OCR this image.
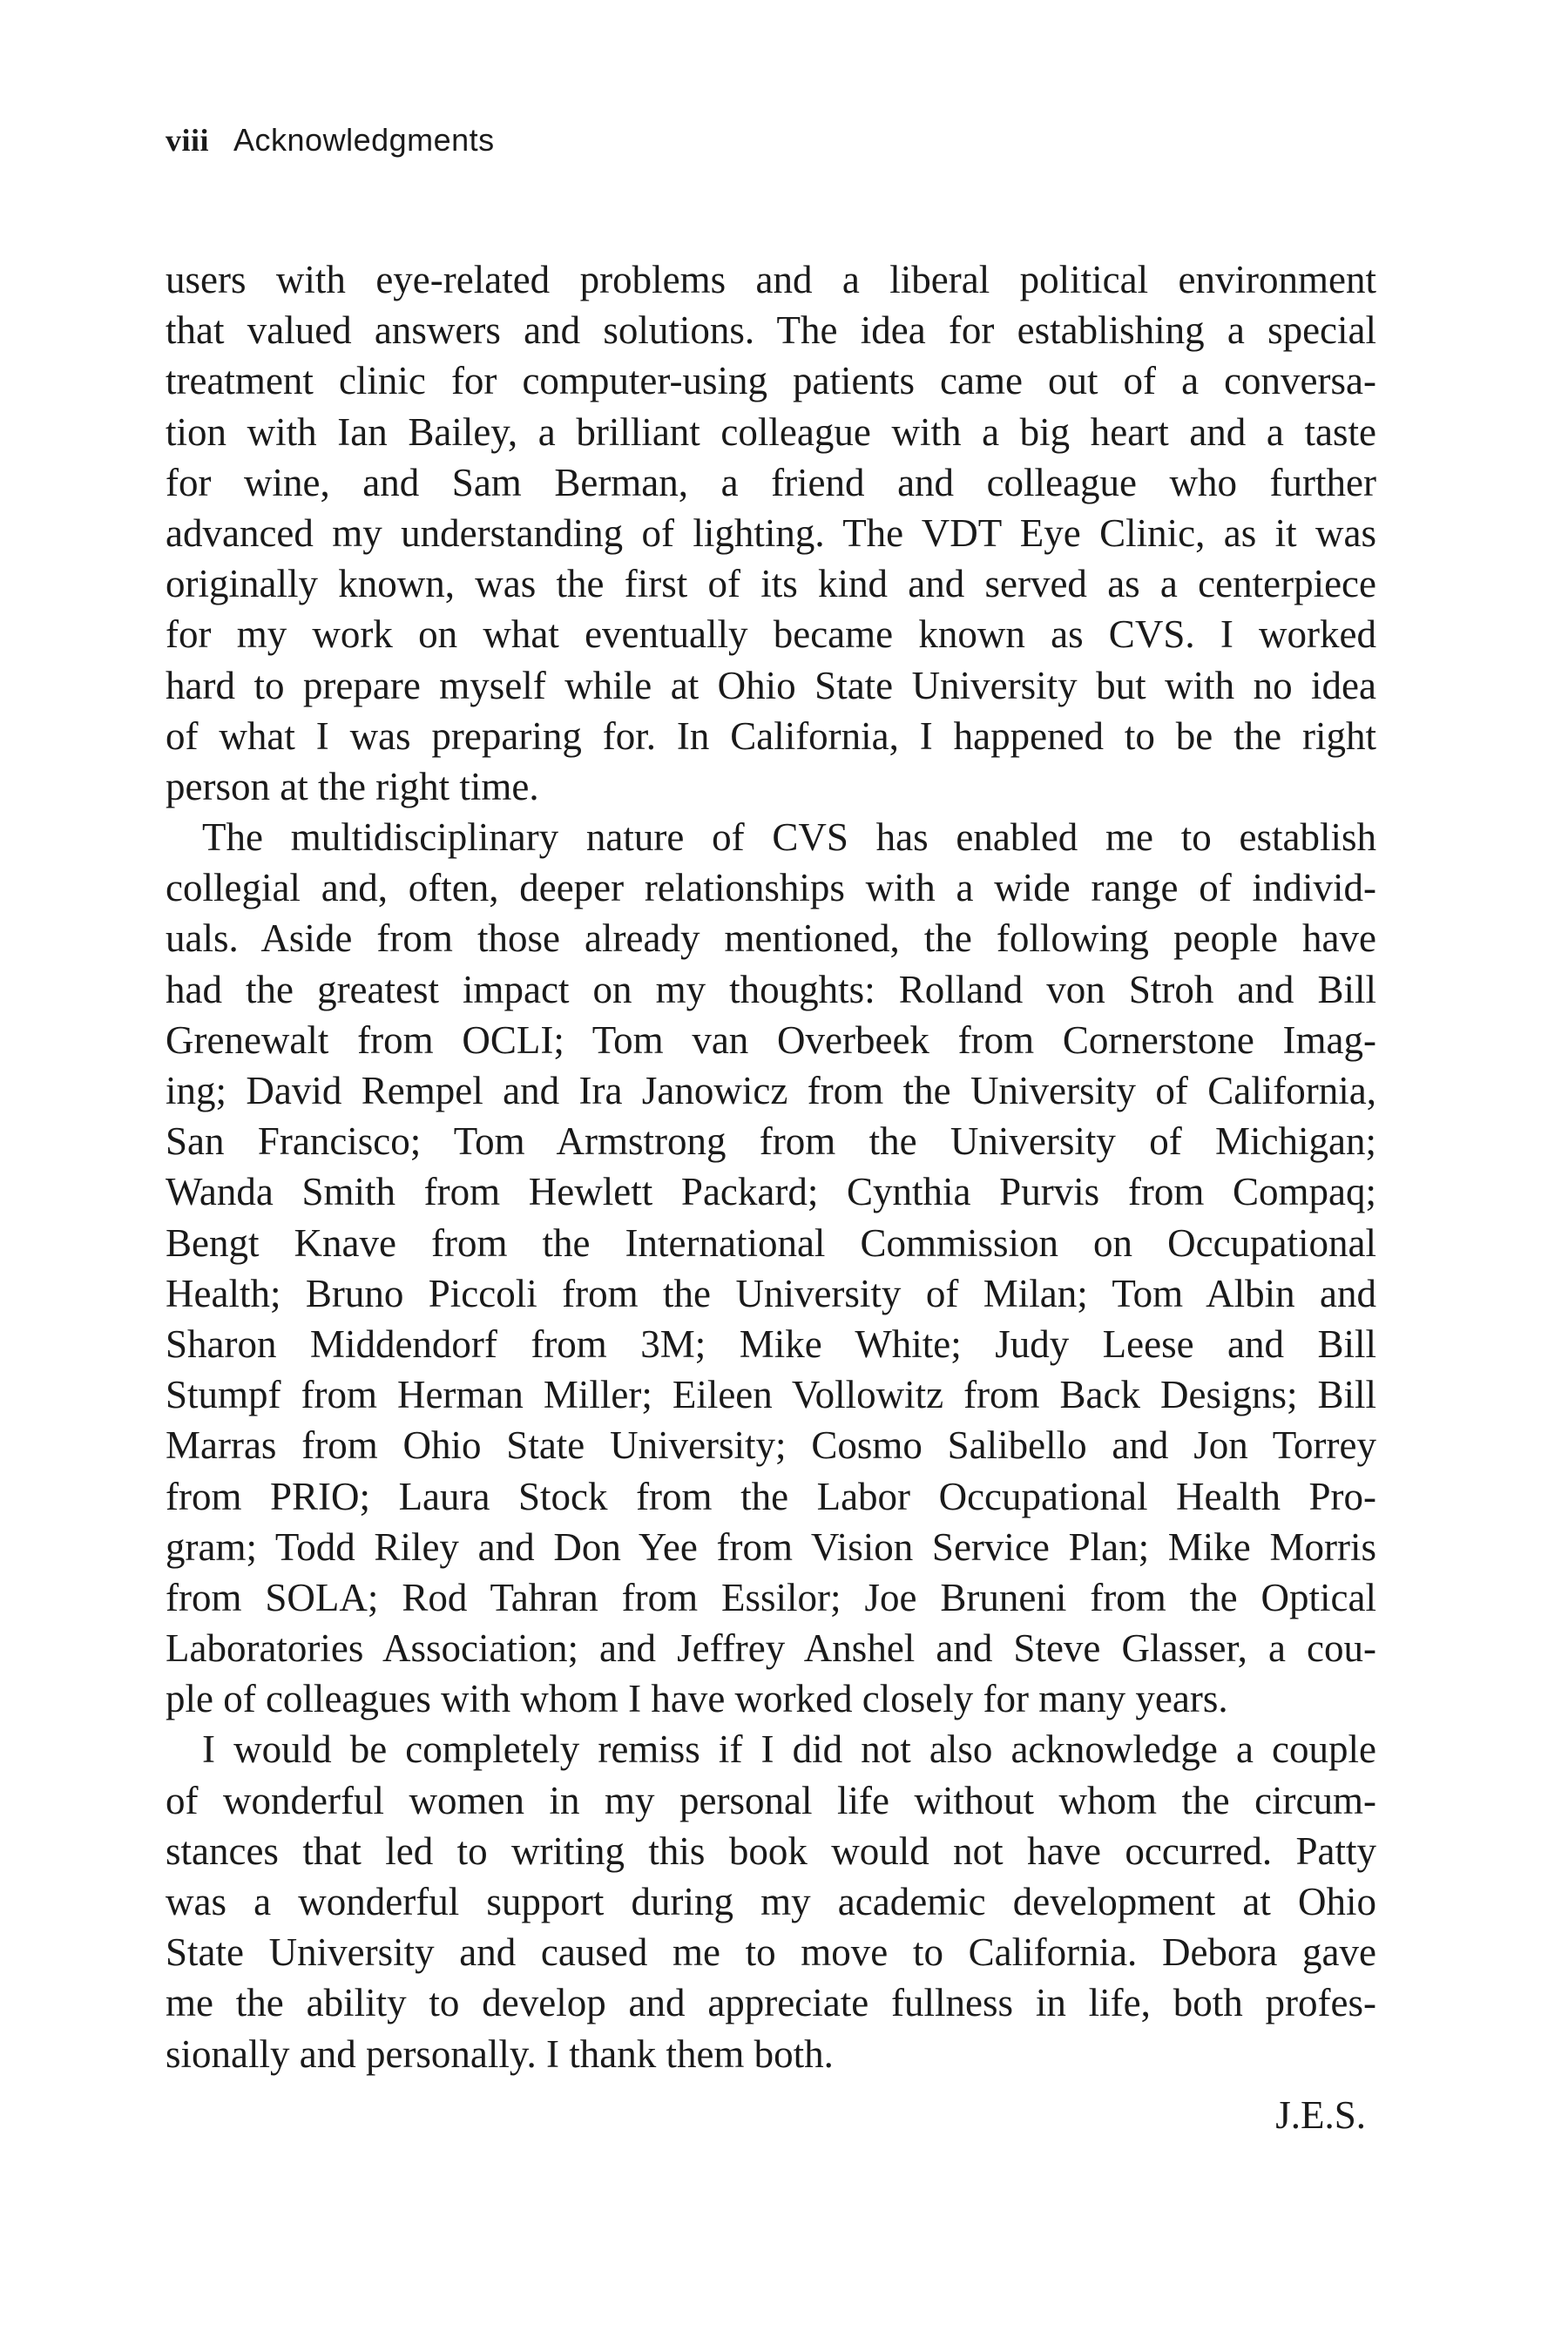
viii Acknowledgments
users with eye-related problems and a liberal political environment
that valued answers and solutions. The idea for establishing a special
treatment clinic for computer-using patients came out of a conversa-
tion with Ian Bailey, a brilliant colleague with a big heart and a taste
for wine, and Sam Berman, a friend and colleague who further
advanced my understanding of lighting. The VDT Eye Clinic, as it was
originally known, was the first of its kind and served as a centerpiece
for my work on what eventually became known as CVS. I worked
hard to prepare myself while at Ohio State University but with no idea
of what I was preparing for. In California, I happened to be the right
person at the right time.
The multidisciplinary nature of CVS has enabled me to establish
collegial and, often, deeper relationships with a wide range of individ-
uals. Aside from those already mentioned, the following people have
had the greatest impact on my thoughts: Rolland von Stroh and Bill
Grenewalt from OCLI; Tom van Overbeek from Cornerstone Imag-
ing; David Rempel and Ira Janowicz from the University of California,
San Francisco; Tom Armstrong from the University of Michigan;
Wanda Smith from Hewlett Packard; Cynthia Purvis from Compaq;
Bengt Knave from the International Commission on Occupational
Health; Bruno Piccoli from the University of Milan; Tom Albin and
Sharon Middendorf from 3M; Mike White; Judy Leese and Bill
Stumpf from Herman Miller; Eileen Vollowitz from Back Designs; Bill
Marras from Ohio State University; Cosmo Salibello and Jon Torrey
from PRIO; Laura Stock from the Labor Occupational Health Pro-
gram; Todd Riley and Don Yee from Vision Service Plan; Mike Morris
from SOLA; Rod Tahran from Essilor; Joe Bruneni from the Optical
Laboratories Association; and Jeffrey Anshel and Steve Glasser, a cou-
ple of colleagues with whom I have worked closely for many years.
I would be completely remiss if I did not also acknowledge a couple
of wonderful women in my personal life without whom the circum-
stances that led to writing this book would not have occurred. Patty
was a wonderful support during my academic development at Ohio
State University and caused me to move to California. Debora gave
me the ability to develop and appreciate fullness in life, both profes-
sionally and personally. I thank them both.
J.E.S.
